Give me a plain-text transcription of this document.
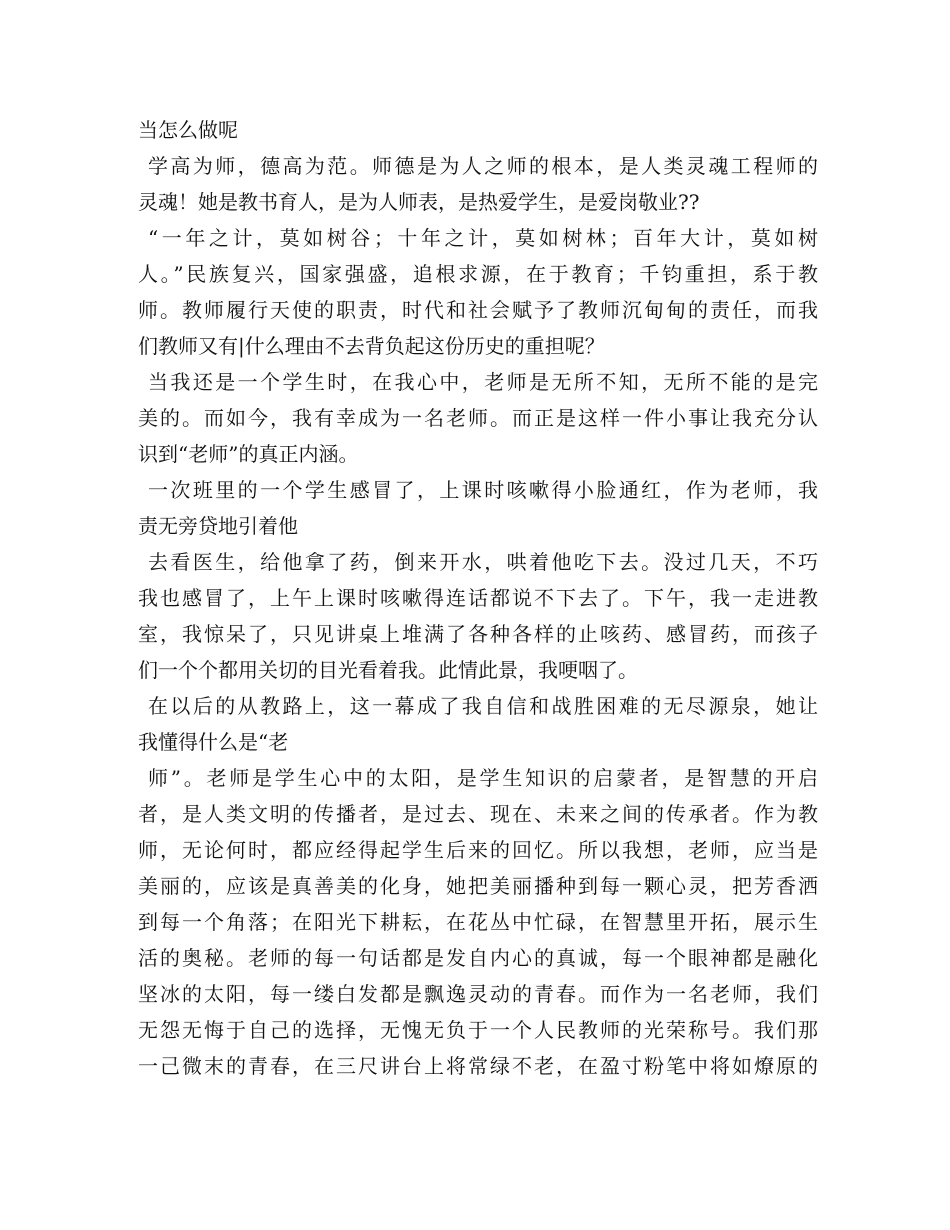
当怎么做呢
学高为师，德高为范。师德是为人之师的根本，是人类灵魂工程师的
灵魂！她是教书育人，是为人师表，是热爱学生，是爱岗敬业??
“一年之计，莫如树谷；十年之计，莫如树林；百年大计，莫如树
人。”民族复兴，国家强盛，追根求源，在于教育；千钧重担，系于教
师。教师履行天使的职责，时代和社会赋予了教师沉甸甸的责任，而我
们教师又有|什么理由不去背负起这份历史的重担呢？
当我还是一个学生时，在我心中，老师是无所不知，无所不能的是完
美的。而如今，我有幸成为一名老师。而正是这样一件小事让我充分认
识到“老师”的真正内涵。
一次班里的一个学生感冒了，上课时咳嗽得小脸通红，作为老师，我
责无旁贷地引着他
去看医生，给他拿了药，倒来开水，哄着他吃下去。没过几天，不巧
我也感冒了，上午上课时咳嗽得连话都说不下去了。下午，我一走进教
室，我惊呆了，只见讲桌上堆满了各种各样的止咳药、感冒药，而孩子
们一个个都用关切的目光看着我。此情此景，我哽咽了。
在以后的从教路上，这一幕成了我自信和战胜困难的无尽源泉，她让
我懂得什么是“老
师”。老师是学生心中的太阳，是学生知识的启蒙者，是智慧的开启
者，是人类文明的传播者，是过去、现在、未来之间的传承者。作为教
师，无论何时，都应经得起学生后来的回忆。所以我想，老师，应当是
美丽的，应该是真善美的化身，她把美丽播种到每一颗心灵，把芳香洒
到每一个角落；在阳光下耕耘，在花丛中忙碌，在智慧里开拓，展示生
活的奥秘。老师的每一句话都是发自内心的真诚，每一个眼神都是融化
坚冰的太阳，每一缕白发都是飘逸灵动的青春。而作为一名老师，我们
无怨无悔于自己的选择，无愧无负于一个人民教师的光荣称号。我们那
一己微末的青春，在三尺讲台上将常绿不老，在盈寸粉笔中将如燎原的
